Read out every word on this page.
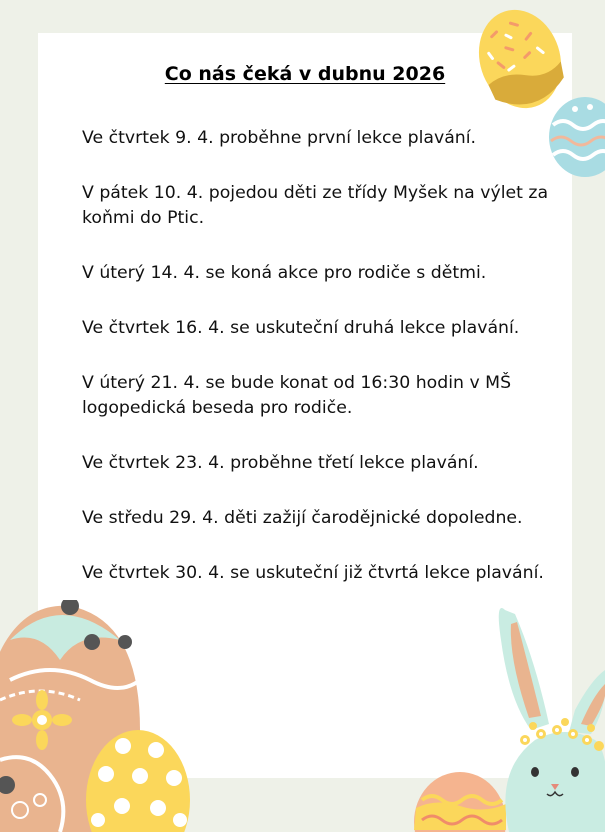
Co nás čeká v dubnu 2026
Ve čtvrtek 9. 4. proběhne první lekce plavání.
V pátek 10. 4. pojedou děti ze třídy Myšek na výlet za koňmi do Ptic.
V úterý 14. 4. se koná akce pro rodiče s dětmi.
Ve čtvrtek 16. 4. se uskuteční druhá lekce plavání.
V úterý 21. 4. se bude konat od 16:30 hodin v MŠ logopedická beseda pro rodiče.
Ve čtvrtek 23. 4. proběhne třetí lekce plavání.
Ve středu 29. 4. děti zažijí čarodějnické dopoledne.
Ve čtvrtek 30. 4. se uskuteční již čtvrtá lekce plavání.
